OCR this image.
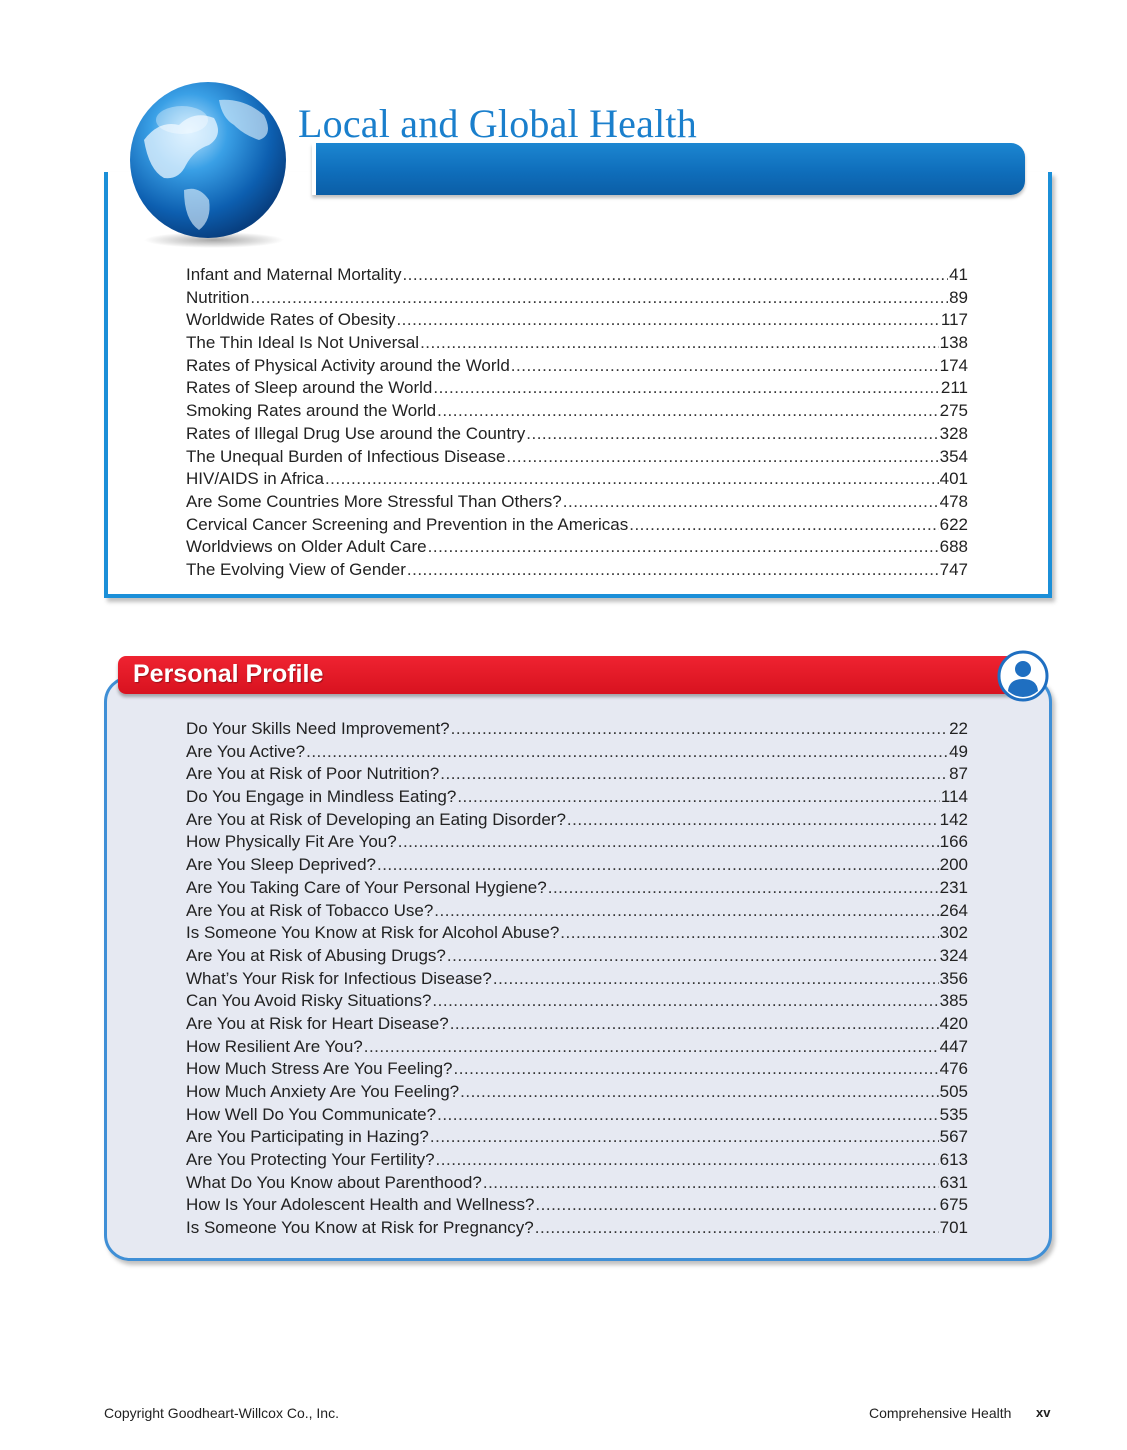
Local and Global Health
Infant and Maternal Mortality .....	41
Nutrition .....	89
Worldwide Rates of Obesity .....	117
The Thin Ideal Is Not Universal .....	138
Rates of Physical Activity around the World .....	174
Rates of Sleep around the World .....	211
Smoking Rates around the World .....	275
Rates of Illegal Drug Use around the Country .....	328
The Unequal Burden of Infectious Disease .....	354
HIV/AIDS in Africa .....	401
Are Some Countries More Stressful Than Others? .....	478
Cervical Cancer Screening and Prevention in the Americas .....	622
Worldviews on Older Adult Care .....	688
The Evolving View of Gender .....	747
Personal Profile
Do Your Skills Need Improvement? .....	22
Are You Active? .....	49
Are You at Risk of Poor Nutrition? .....	87
Do You Engage in Mindless Eating? .....	114
Are You at Risk of Developing an Eating Disorder? .....	142
How Physically Fit Are You? .....	166
Are You Sleep Deprived? .....	200
Are You Taking Care of Your Personal Hygiene? .....	231
Are You at Risk of Tobacco Use? .....	264
Is Someone You Know at Risk for Alcohol Abuse? .....	302
Are You at Risk of Abusing Drugs? .....	324
What’s Your Risk for Infectious Disease? .....	356
Can You Avoid Risky Situations? .....	385
Are You at Risk for Heart Disease? .....	420
How Resilient Are You? .....	447
How Much Stress Are You Feeling? .....	476
How Much Anxiety Are You Feeling? .....	505
How Well Do You Communicate? .....	535
Are You Participating in Hazing? .....	567
Are You Protecting Your Fertility? .....	613
What Do You Know about Parenthood? .....	631
How Is Your Adolescent Health and Wellness? .....	675
Is Someone You Know at Risk for Pregnancy? .....	701
Copyright Goodheart-Willcox Co., Inc.	Comprehensive Health xv
